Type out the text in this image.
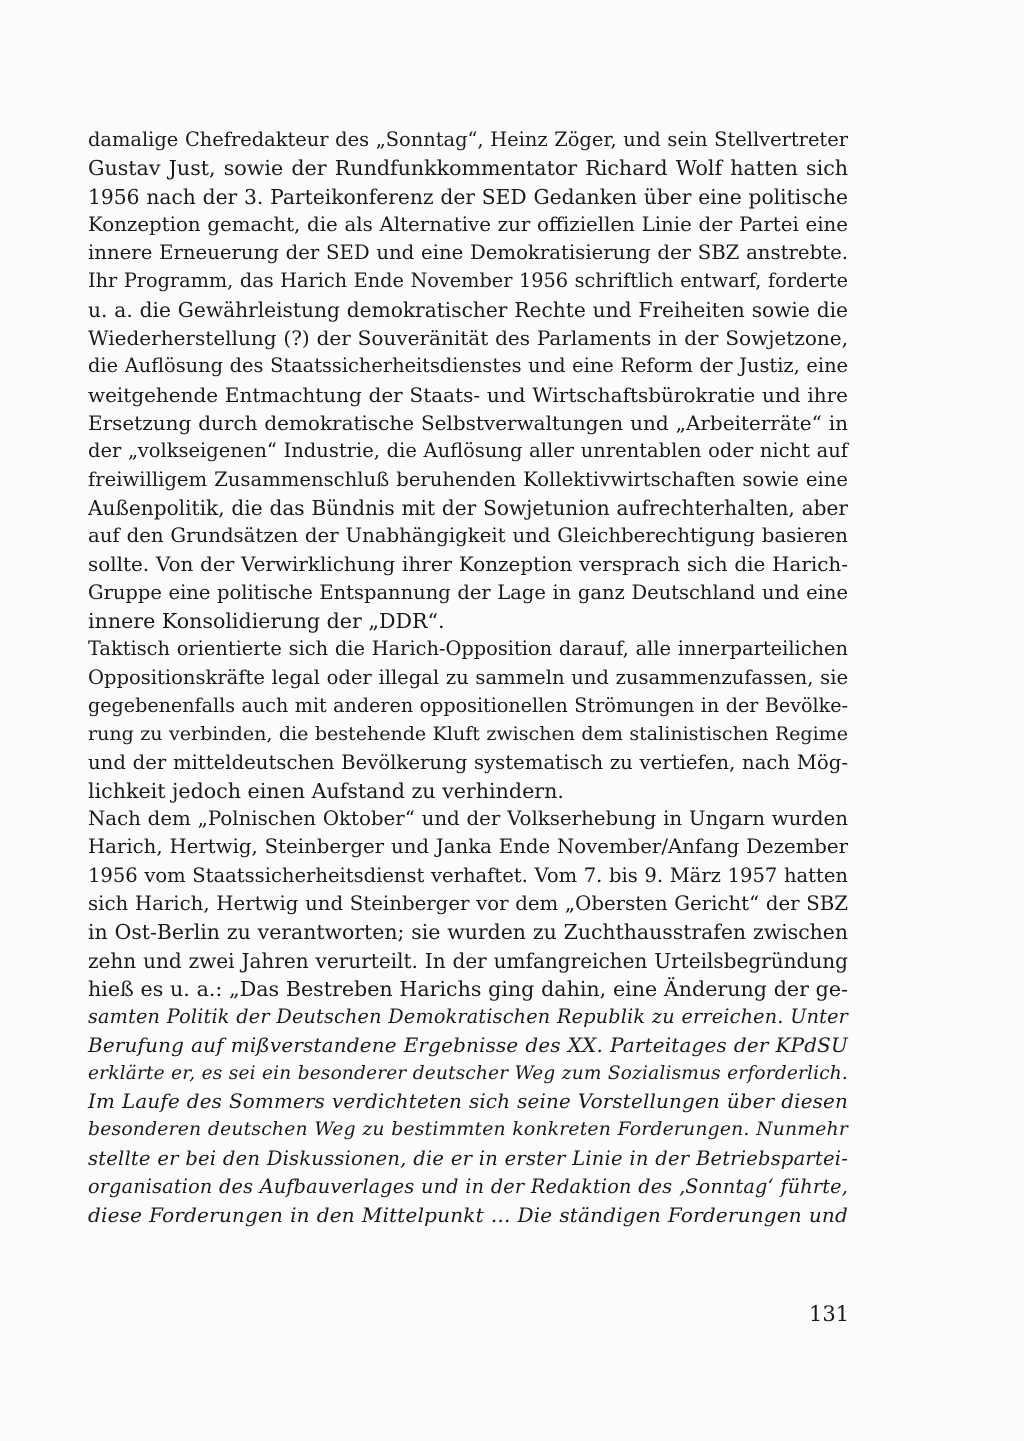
damalige Chefredakteur des „Sonntag“, Heinz Zöger, und sein Stellvertreter
Gustav Just, sowie der Rundfunkkommentator Richard Wolf hatten sich
1956 nach der 3. Parteikonferenz der SED Gedanken über eine politische
Konzeption gemacht, die als Alternative zur offiziellen Linie der Partei eine
innere Erneuerung der SED und eine Demokratisierung der SBZ anstrebte.
Ihr Programm, das Harich Ende November 1956 schriftlich entwarf, forderte
u. a. die Gewährleistung demokratischer Rechte und Freiheiten sowie die
Wiederherstellung (?) der Souveränität des Parlaments in der Sowjetzone,
die Auflösung des Staatssicherheitsdienstes und eine Reform der Justiz, eine
weitgehende Entmachtung der Staats- und Wirtschaftsbürokratie und ihre
Ersetzung durch demokratische Selbstverwaltungen und „Arbeiterräte“ in
der „volkseigenen“ Industrie, die Auflösung aller unrentablen oder nicht auf
freiwilligem Zusammenschluß beruhenden Kollektivwirtschaften sowie eine
Außenpolitik, die das Bündnis mit der Sowjetunion aufrechterhalten, aber
auf den Grundsätzen der Unabhängigkeit und Gleichberechtigung basieren
sollte. Von der Verwirklichung ihrer Konzeption versprach sich die Harich-
Gruppe eine politische Entspannung der Lage in ganz Deutschland und eine
innere Konsolidierung der „DDR“.
Taktisch orientierte sich die Harich-Opposition darauf, alle innerparteilichen
Oppositionskräfte legal oder illegal zu sammeln und zusammenzufassen, sie
gegebenenfalls auch mit anderen oppositionellen Strömungen in der Bevölke-
rung zu verbinden, die bestehende Kluft zwischen dem stalinistischen Regime
und der mitteldeutschen Bevölkerung systematisch zu vertiefen, nach Mög-
lichkeit jedoch einen Aufstand zu verhindern.
Nach dem „Polnischen Oktober“ und der Volkserhebung in Ungarn wurden
Harich, Hertwig, Steinberger und Janka Ende November/Anfang Dezember
1956 vom Staatssicherheitsdienst verhaftet. Vom 7. bis 9. März 1957 hatten
sich Harich, Hertwig und Steinberger vor dem „Obersten Gericht“ der SBZ
in Ost-Berlin zu verantworten; sie wurden zu Zuchthausstrafen zwischen
zehn und zwei Jahren verurteilt. In der umfangreichen Urteilsbegründung
hieß es u. a.: „Das Bestreben Harichs ging dahin, eine Änderung der ge-
samten Politik der Deutschen Demokratischen Republik zu erreichen. Unter
Berufung auf mißverstandene Ergebnisse des XX. Parteitages der KPdSU
erklärte er, es sei ein besonderer deutscher Weg zum Sozialismus erforderlich.
Im Laufe des Sommers verdichteten sich seine Vorstellungen über diesen
besonderen deutschen Weg zu bestimmten konkreten Forderungen. Nunmehr
stellte er bei den Diskussionen, die er in erster Linie in der Betriebspartei-
organisation des Aufbauverlages und in der Redaktion des ‚Sonntag‘ führte,
diese Forderungen in den Mittelpunkt ... Die ständigen Forderungen und
131
